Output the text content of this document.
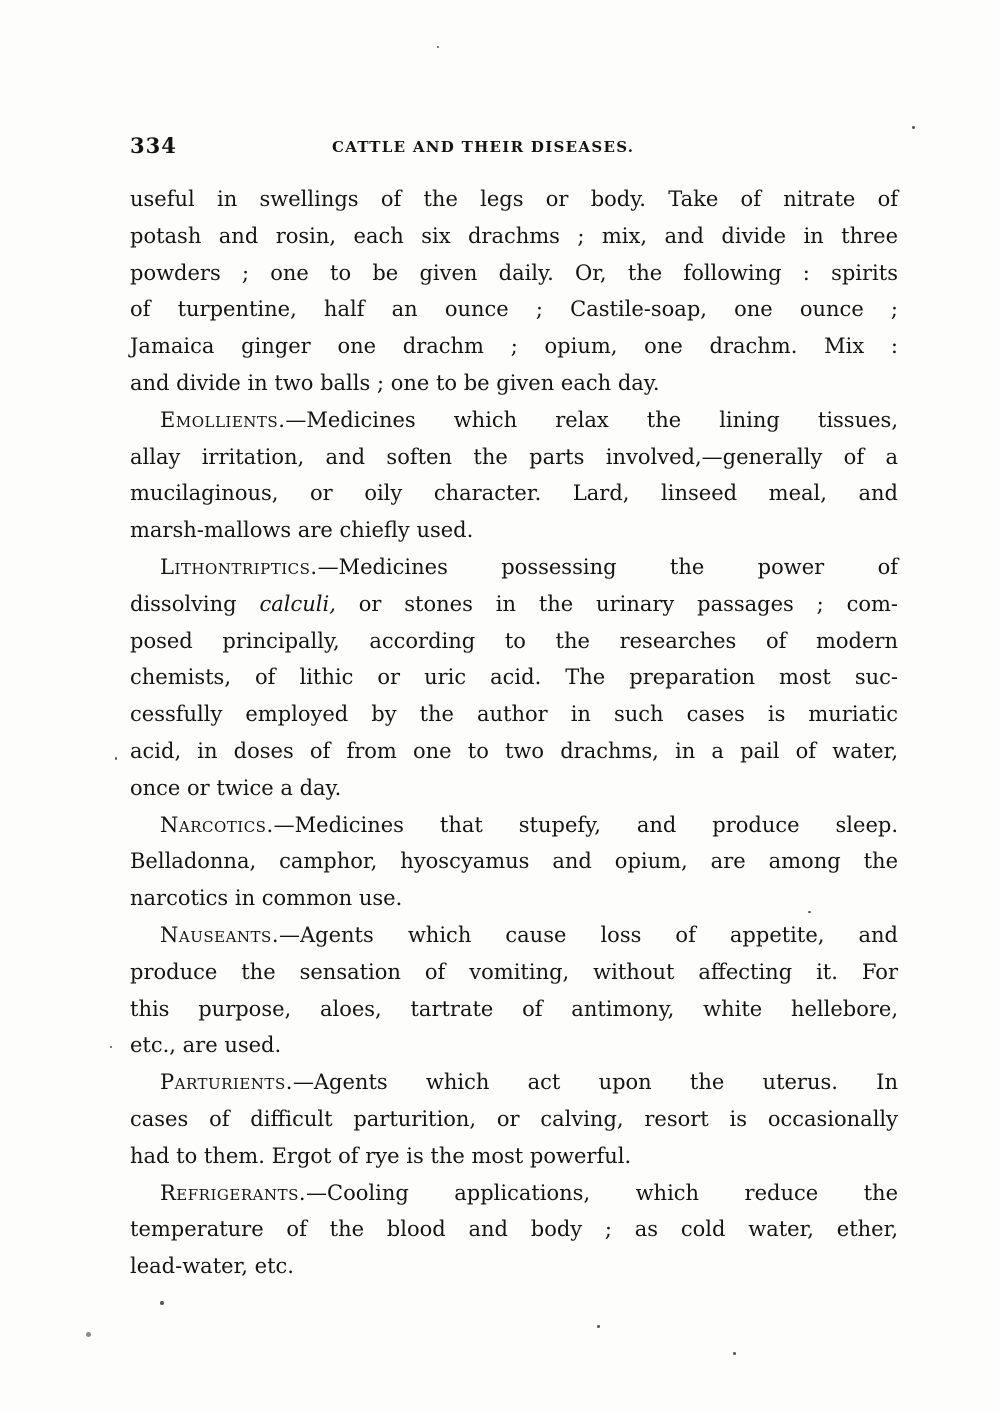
334	CATTLE AND THEIR DISEASES.

useful in swellings of the legs or body. Take of nitrate of
potash and rosin, each six drachms ; mix, and divide in three
powders ; one to be given daily. Or, the following : spirits
of turpentine, half an ounce ; Castile-soap, one ounce ;
Jamaica ginger one drachm ; opium, one drachm. Mix :
and divide in two balls ; one to be given each day.

Emollients.—Medicines which relax the lining tissues,
allay irritation, and soften the parts involved,—generally of a
mucilaginous, or oily character. Lard, linseed meal, and
marsh-mallows are chiefly used.

Lithontriptics.—Medicines possessing the power of
dissolving calculi, or stones in the urinary passages ; com-
posed principally, according to the researches of modern
chemists, of lithic or uric acid. The preparation most suc-
cessfully employed by the author in such cases is muriatic
acid, in doses of from one to two drachms, in a pail of water,
once or twice a day.

Narcotics.—Medicines that stupefy, and produce sleep.
Belladonna, camphor, hyoscyamus and opium, are among the
narcotics in common use.

Nauseants.—Agents which cause loss of appetite, and
produce the sensation of vomiting, without affecting it. For
this purpose, aloes, tartrate of antimony, white hellebore,
etc., are used.

Parturients.—Agents which act upon the uterus. In
cases of difficult parturition, or calving, resort is occasionally
had to them. Ergot of rye is the most powerful.

Refrigerants.—Cooling applications, which reduce the
temperature of the blood and body ; as cold water, ether,
lead-water, etc.
